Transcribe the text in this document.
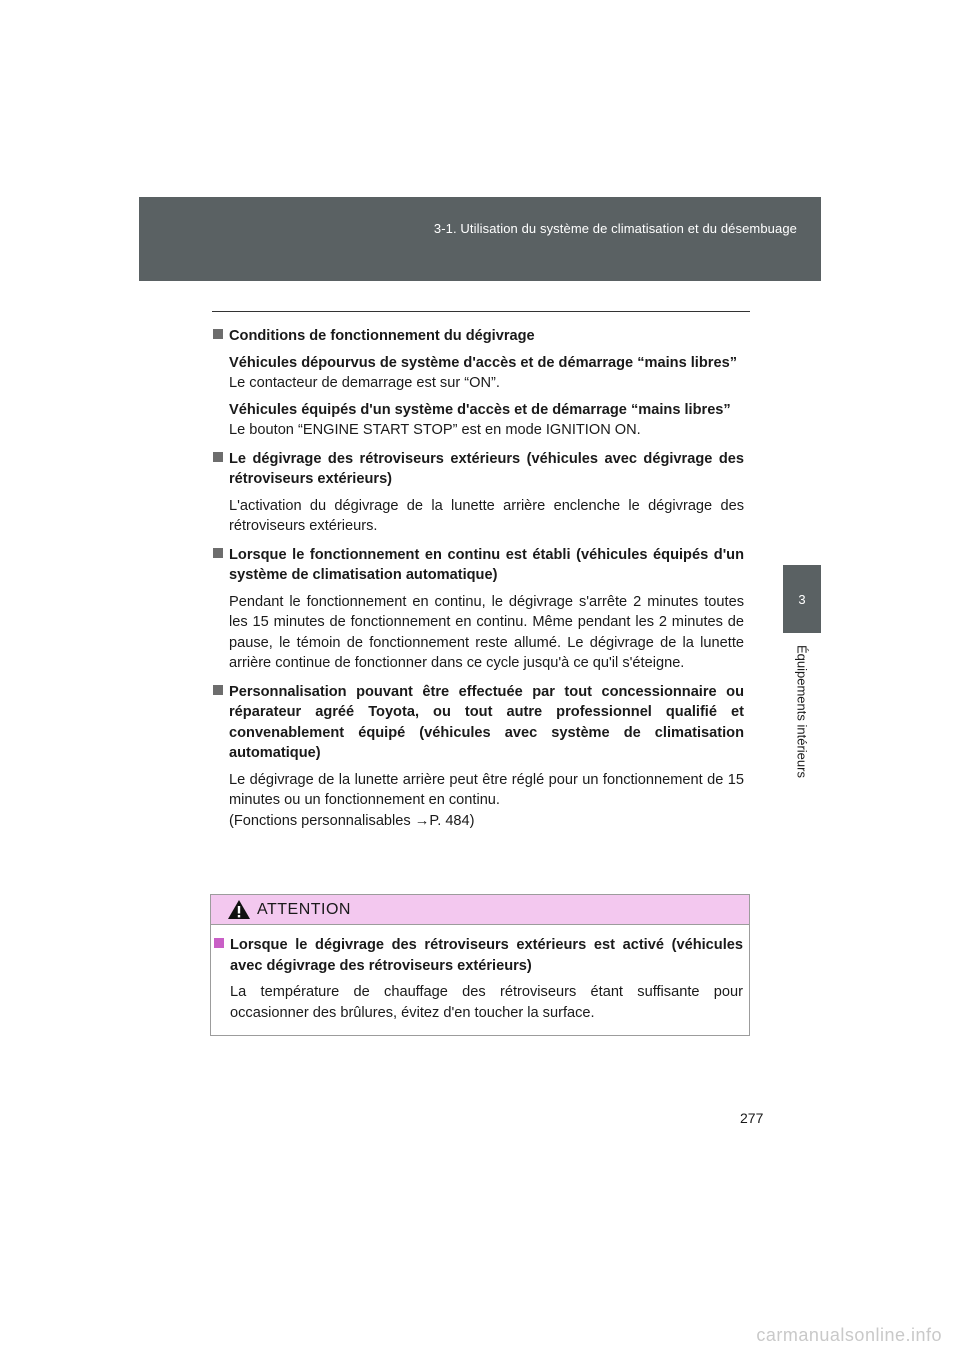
3-1. Utilisation du système de climatisation et du désembuage
3
Équipements intérieurs
Conditions de fonctionnement du dégivrage
Véhicules dépourvus de système d'accès et de démarrage “mains libres”
Le contacteur de demarrage est sur “ON”.
Véhicules équipés d'un système d'accès et de démarrage “mains libres”
Le bouton “ENGINE START STOP” est en mode IGNITION ON.
Le dégivrage des rétroviseurs extérieurs (véhicules avec dégivrage des rétroviseurs extérieurs)
L'activation du dégivrage de la lunette arrière enclenche le dégivrage des rétroviseurs extérieurs.
Lorsque le fonctionnement en continu est établi (véhicules équipés d'un système de climatisation automatique)
Pendant le fonctionnement en continu, le dégivrage s'arrête 2 minutes toutes les 15 minutes de fonctionnement en continu. Même pendant les 2 minutes de pause, le témoin de fonctionnement reste allumé. Le dégivrage de la lunette arrière continue de fonctionner dans ce cycle jusqu'à ce qu'il s'éteigne.
Personnalisation pouvant être effectuée par tout concessionnaire ou réparateur agréé Toyota, ou tout autre professionnel qualifié et convenablement équipé (véhicules avec système de climatisation automatique)
Le dégivrage de la lunette arrière peut être réglé pour un fonctionnement de 15 minutes ou un fonctionnement en continu.
(Fonctions personnalisables →P. 484)
ATTENTION
Lorsque le dégivrage des rétroviseurs extérieurs est activé (véhicules avec dégivrage des rétroviseurs extérieurs)
La température de chauffage des rétroviseurs étant suffisante pour occasionner des brûlures, évitez d'en toucher la surface.
277
carmanualsonline.info
